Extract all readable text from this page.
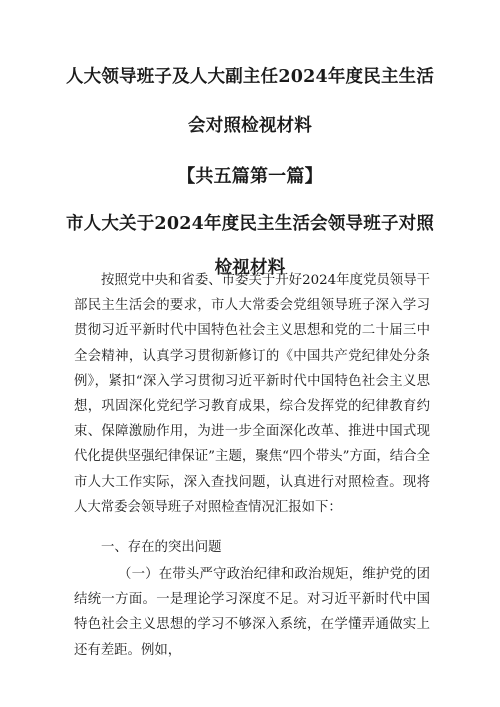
人大领导班子及人大副主任2024年度民主生活
会对照检视材料
【共五篇第一篇】
市人大关于2024年度民主生活会领导班子对照
检视材料

按照党中央和省委、市委关于开好2024年度党员领导干部民主生活会的要求，市人大常委会党组领导班子深入学习贯彻习近平新时代中国特色社会主义思想和党的二十届三中全会精神，认真学习贯彻新修订的《中国共产党纪律处分条例》，紧扣“深入学习贯彻习近平新时代中国特色社会主义思想，巩固深化党纪学习教育成果，综合发挥党的纪律教育约束、保障激励作用，为进一步全面深化改革、推进中国式现代化提供坚强纪律保证”主题，聚焦“四个带头”方面，结合全市人大工作实际，深入查找问题，认真进行对照检查。现将人大常委会领导班子对照检查情况汇报如下：

一、存在的突出问题

（一）在带头严守政治纪律和政治规矩，维护党的团结统一方面。一是理论学习深度不足。对习近平新时代中国特色社会主义思想的学习不够深入系统，在学懂弄通做实上还有差距。例如，
